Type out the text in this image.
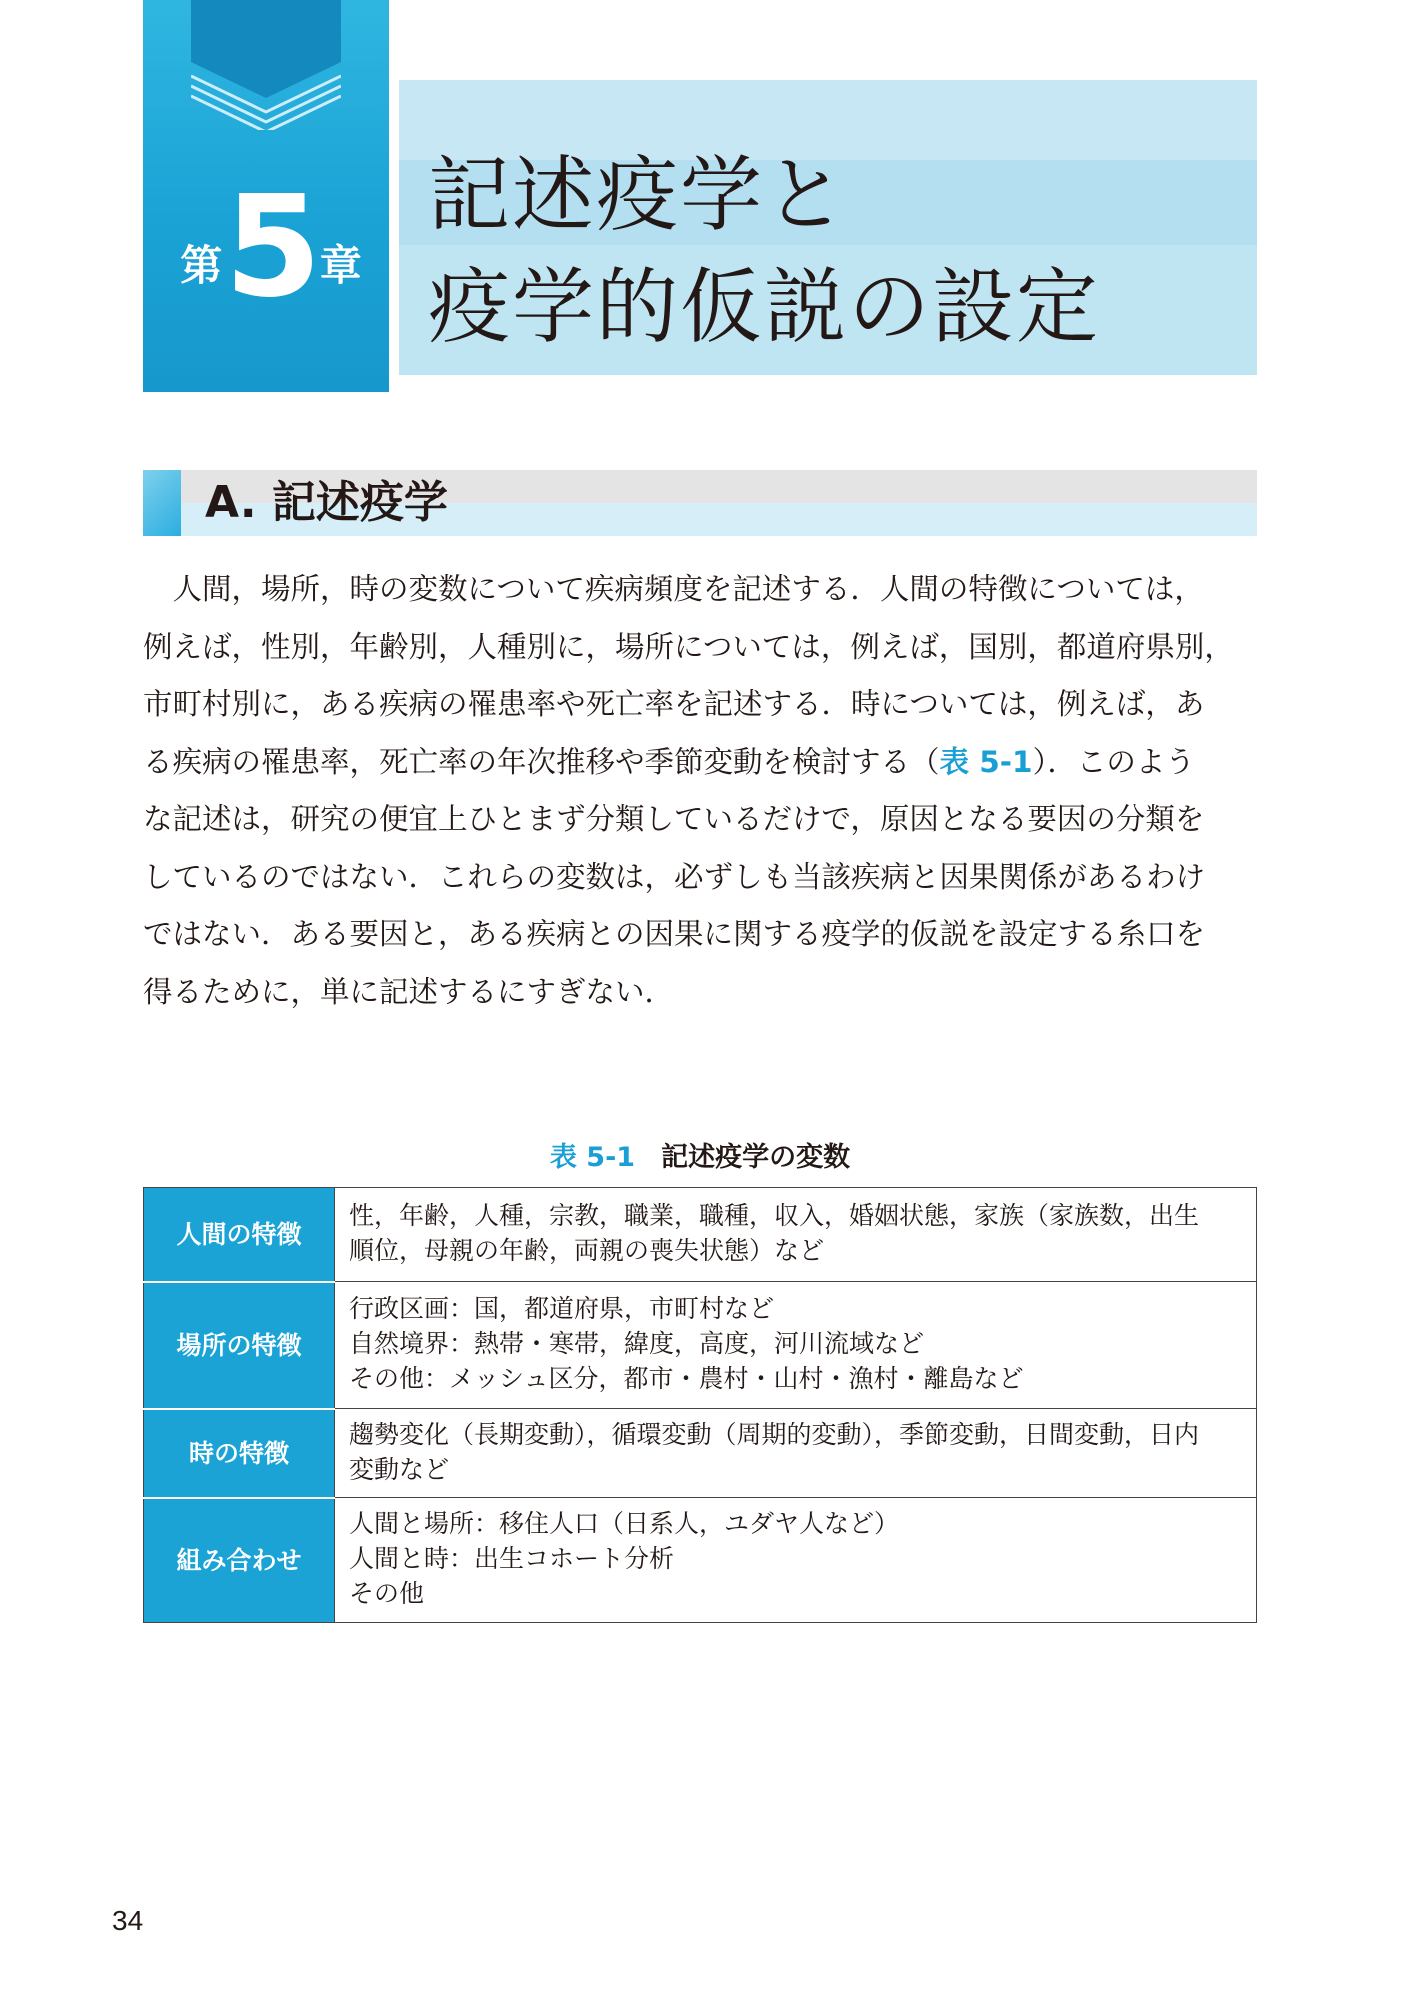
第 5 章
記述疫学と
疫学的仮説の設定
A. 記述疫学
人間，場所，時の変数について疾病頻度を記述する．人間の特徴については，
例えば，性別，年齢別，人種別に，場所については，例えば，国別，都道府県別，
市町村別に，ある疾病の罹患率や死亡率を記述する．時については，例えば，あ
る疾病の罹患率，死亡率の年次推移や季節変動を検討する（表 5-1）．このよう
な記述は，研究の便宜上ひとまず分類しているだけで，原因となる要因の分類を
しているのではない．これらの変数は，必ずしも当該疾病と因果関係があるわけ
ではない．ある要因と，ある疾病との因果に関する疫学的仮説を設定する糸口を
得るために，単に記述するにすぎない．
表 5-1 記述疫学の変数
人間の特徴	性，年齢，人種，宗教，職業，職種，収入，婚姻状態，家族（家族数，出生
順位，母親の年齢，両親の喪失状態）など

場所の特徴	行政区画：国，都道府県，市町村など
自然境界：熱帯・寒帯，緯度，高度，河川流域など
その他：メッシュ区分，都市・農村・山村・漁村・離島など

時の特徴	趨勢変化（長期変動），循環変動（周期的変動），季節変動，日間変動，日内
変動など

組み合わせ	人間と場所：移住人口（日系人，ユダヤ人など）
人間と時：出生コホート分析
その他
34
